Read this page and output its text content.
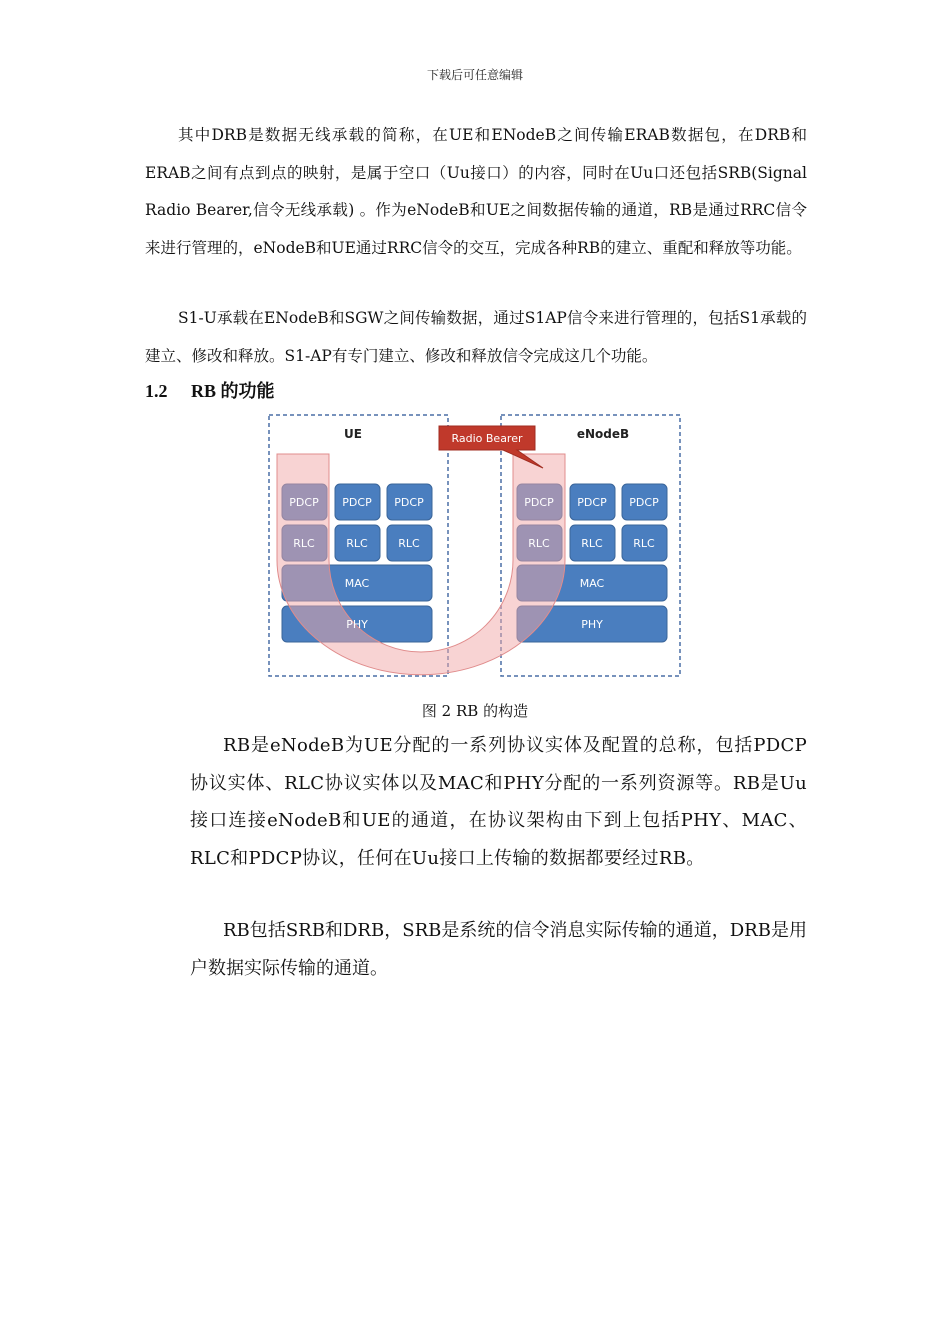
下载后可任意编辑

其中DRB是数据无线承载的简称，在UE和ENodeB之间传输ERAB数据包，在DRB和ERAB之间有点到点的映射，是属于空口（Uu接口）的内容，同时在Uu口还包括SRB(Signal Radio Bearer,信令无线承载) 。作为eNodeB和UE之间数据传输的通道，RB是通过RRC信令来进行管理的，eNodeB和UE通过RRC信令的交互，完成各种RB的建立、重配和释放等功能。

S1-U承载在ENodeB和SGW之间传输数据，通过S1AP信令来进行管理的，包括S1承载的建立、修改和释放。S1-AP有专门建立、修改和释放信令完成这几个功能。

1.2 RB 的功能
UE	eNodeB
Radio Bearer
PDCP PDCP PDCP
RLC	RLC	RLC
MAC
PHY
PDCP PDCP PDCP
RLC	RLC	RLC
MAC
PHY
图 2 RB 的构造

RB是eNodeB为UE分配的一系列协议实体及配置的总称，包括PDCP协议实体、RLC协议实体以及MAC和PHY分配的一系列资源等。RB是Uu接口连接eNodeB和UE的通道，在协议架构由下到上包括PHY、MAC、RLC和PDCP协议，任何在Uu接口上传输的数据都要经过RB。

RB包括SRB和DRB，SRB是系统的信令消息实际传输的通道，DRB是用户数据实际传输的通道。
